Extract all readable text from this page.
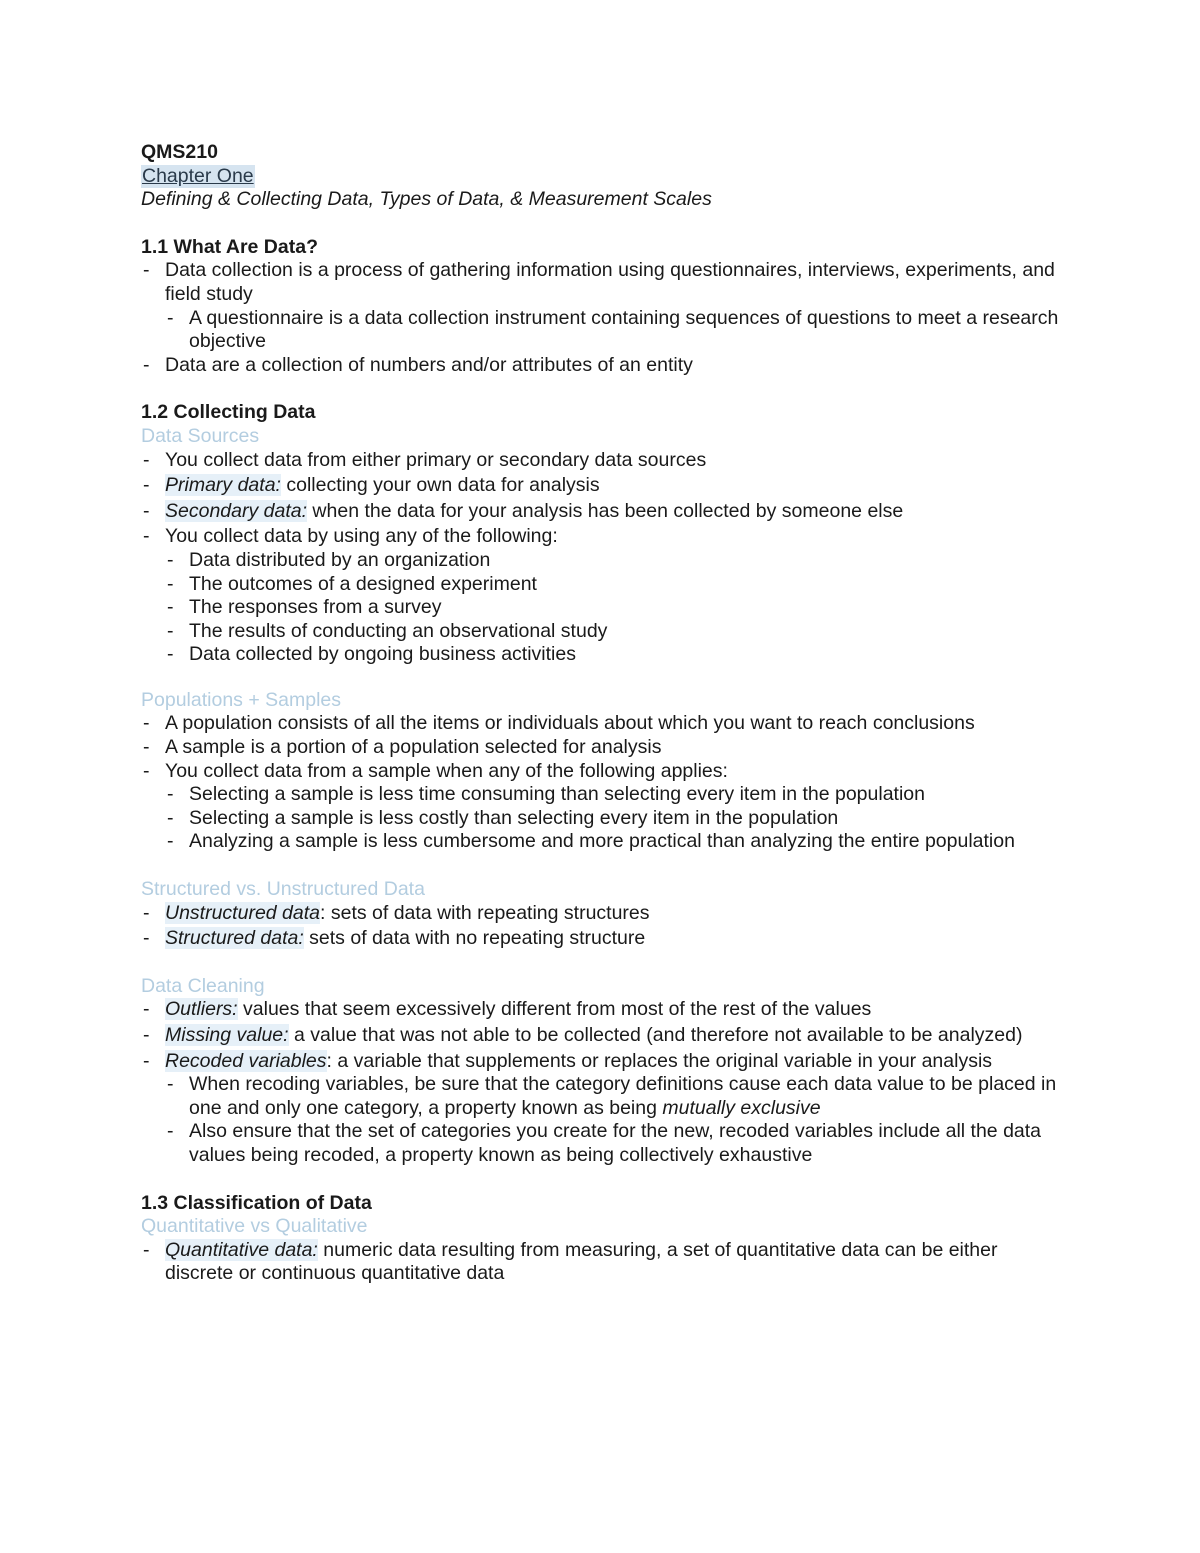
QMS210
Chapter One
Defining & Collecting Data, Types of Data, & Measurement Scales
1.1 What Are Data?
- Data collection is a process of gathering information using questionnaires, interviews, experiments, and field study
- A questionnaire is a data collection instrument containing sequences of questions to meet a research objective
- Data are a collection of numbers and/or attributes of an entity
1.2 Collecting Data
Data Sources
- You collect data from either primary or secondary data sources
- Primary data: collecting your own data for analysis
- Secondary data: when the data for your analysis has been collected by someone else
- You collect data by using any of the following:
- Data distributed by an organization
- The outcomes of a designed experiment
- The responses from a survey
- The results of conducting an observational study
- Data collected by ongoing business activities
Populations + Samples
- A population consists of all the items or individuals about which you want to reach conclusions
- A sample is a portion of a population selected for analysis
- You collect data from a sample when any of the following applies:
- Selecting a sample is less time consuming than selecting every item in the population
- Selecting a sample is less costly than selecting every item in the population
- Analyzing a sample is less cumbersome and more practical than analyzing the entire population
Structured vs. Unstructured Data
- Unstructured data: sets of data with repeating structures
- Structured data: sets of data with no repeating structure
Data Cleaning
- Outliers: values that seem excessively different from most of the rest of the values
- Missing value: a value that was not able to be collected (and therefore not available to be analyzed)
- Recoded variables: a variable that supplements or replaces the original variable in your analysis
- When recoding variables, be sure that the category definitions cause each data value to be placed in one and only one category, a property known as being mutually exclusive
- Also ensure that the set of categories you create for the new, recoded variables include all the data values being recoded, a property known as being collectively exhaustive
1.3 Classification of Data
Quantitative vs Qualitative
- Quantitative data: numeric data resulting from measuring, a set of quantitative data can be either discrete or continuous quantitative data
